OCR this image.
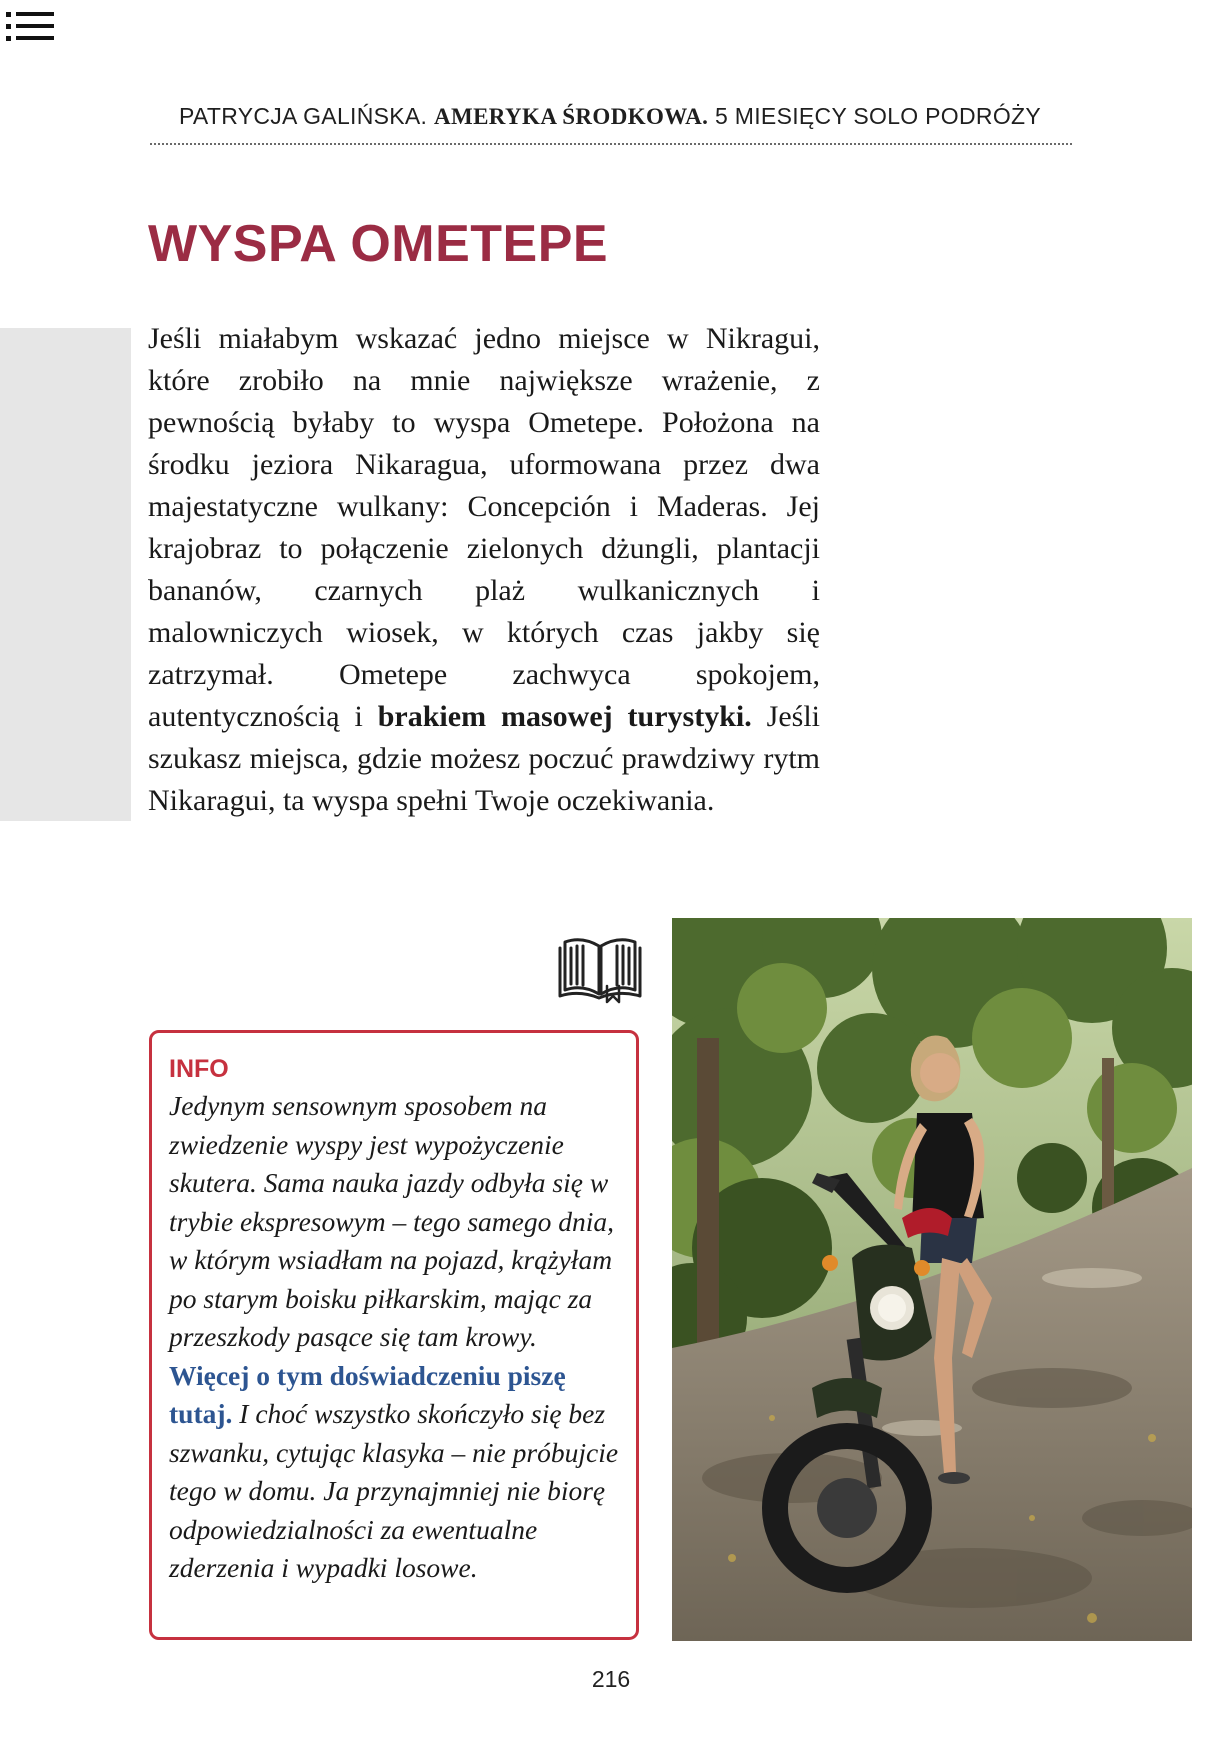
PATRYCJA GALIŃSKA. AMERYKA ŚRODKOWA. 5 MIESIĘCY SOLO PODRÓŻY
WYSPA OMETEPE

Jeśli miałabym wskazać jedno miejsce w Nikragui, które zrobiło na mnie największe wrażenie, z pewnością byłaby to wyspa Ometepe. Położona na środku jeziora Nikaragua, uformowana przez dwa majestatyczne wulkany: Concepción i Maderas. Jej krajobraz to połączenie zielonych dżungli, plantacji bananów, czarnych plaż wulkanicznych i malowniczych wiosek, w których czas jakby się zatrzymał. Ometepe zachwyca spokojem, autentycznością i brakiem masowej turystyki. Jeśli szukasz miejsca, gdzie możesz poczuć prawdziwy rytm Nikaragui, ta wyspa spełni Twoje oczekiwania.

INFO

Jedynym sensownym sposobem na zwiedzenie wyspy jest wypożyczenie skutera. Sama nauka jazdy odbyła się w trybie ekspresowym – tego samego dnia, w którym wsiadłam na pojazd, krążyłam po starym boisku piłkarskim, mając za przeszkody pasące się tam krowy. Więcej o tym doświadczeniu piszę tutaj. I choć wszystko skończyło się bez szwanku, cytując klasyka – nie próbujcie tego w domu. Ja przynajmniej nie biorę odpowiedzialności za ewentualne zderzenia i wypadki losowe.

216
